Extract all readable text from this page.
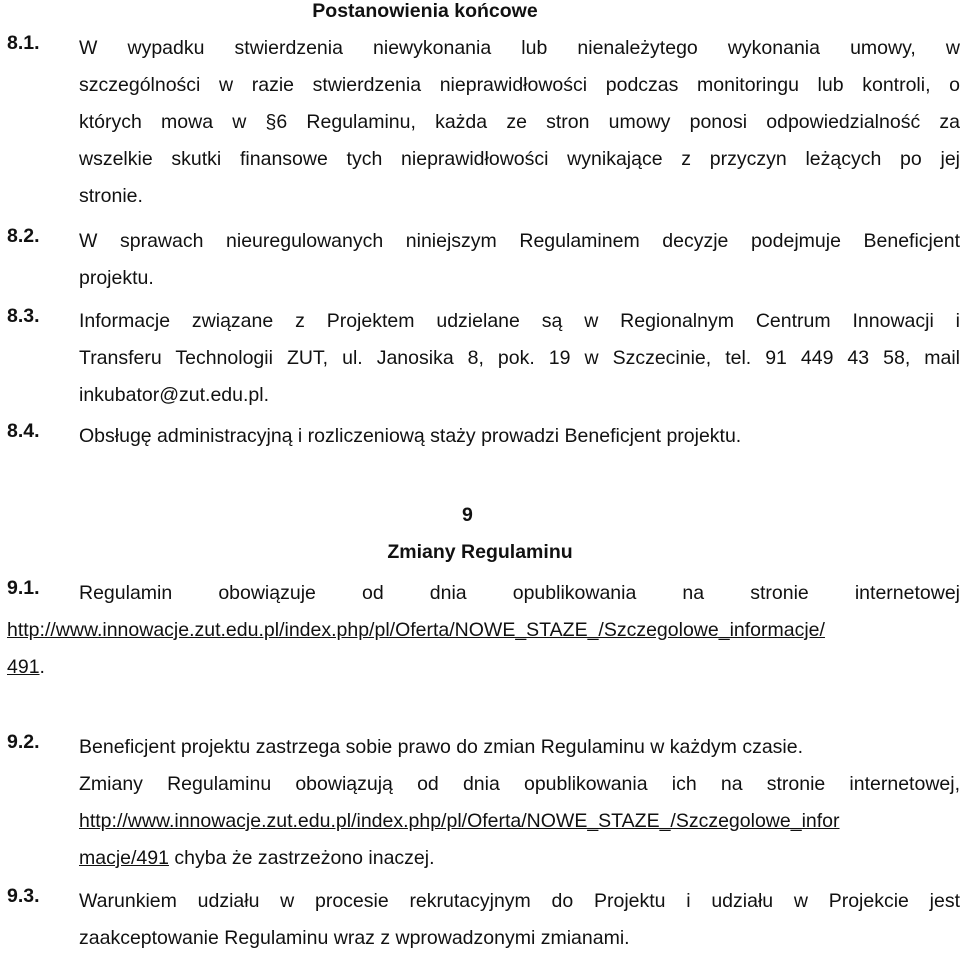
Postanowienia końcowe
8.1.	W wypadku stwierdzenia niewykonania lub nienależytego wykonania umowy, w
szczególności w razie stwierdzenia nieprawidłowości podczas monitoringu lub kontroli, o
których mowa w §6 Regulaminu, każda ze stron umowy ponosi odpowiedzialność za
wszelkie skutki finansowe tych nieprawidłowości wynikające z przyczyn leżących po jej
stronie.
8.2.	W sprawach nieuregulowanych niniejszym Regulaminem decyzje podejmuje Beneficjent
projektu.
8.3.	Informacje związane z Projektem udzielane są w Regionalnym Centrum Innowacji i
Transferu Technologii ZUT, ul. Janosika 8, pok. 19 w Szczecinie, tel. 91 449 43 58, mail
inkubator@zut.edu.pl.
8.4.	Obsługę administracyjną i rozliczeniową staży prowadzi Beneficjent projektu.
9
Zmiany Regulaminu
9.1.	Regulamin obowiązuje od dnia opublikowania na stronie internetowej
http://www.innowacje.zut.edu.pl/index.php/pl/Oferta/NOWE_STAZE_/Szczegolowe_informacje/
491.
9.2.	Beneficjent projektu zastrzega sobie prawo do zmian Regulaminu w każdym czasie.
Zmiany Regulaminu obowiązują od dnia opublikowania ich na stronie internetowej,
http://www.innowacje.zut.edu.pl/index.php/pl/Oferta/NOWE_STAZE_/Szczegolowe_infor
macje/491 chyba że zastrzeżono inaczej.
9.3.	Warunkiem udziału w procesie rekrutacyjnym do Projektu i udziału w Projekcie jest
zaakceptowanie Regulaminu wraz z wprowadzonymi zmianami.
